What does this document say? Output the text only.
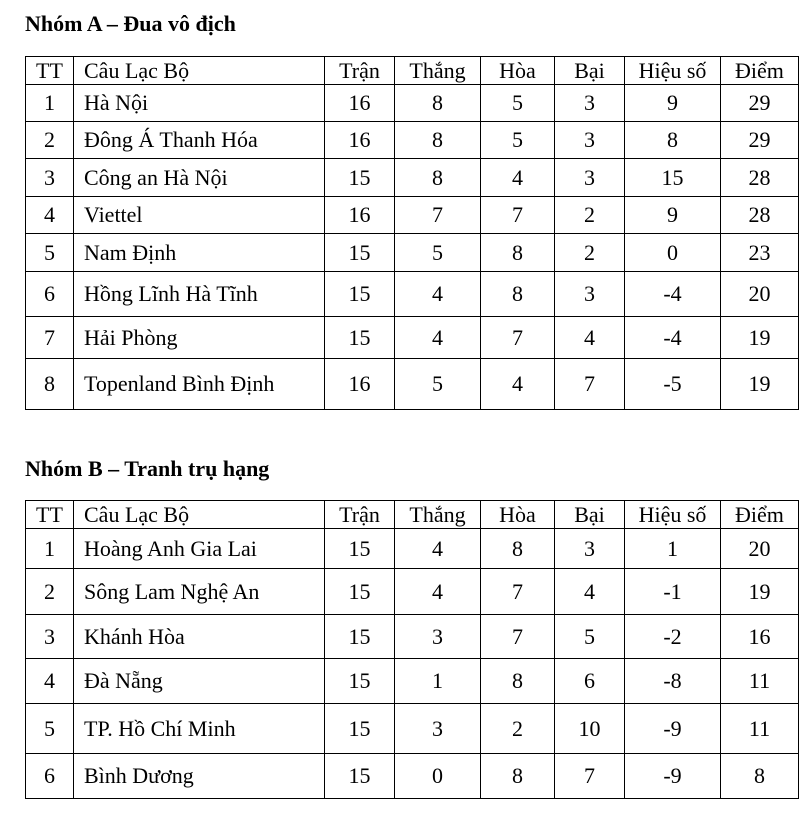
Nhóm A – Đua vô địch
TT	Câu Lạc Bộ	Trận	Thắng	Hòa	Bại	Hiệu số	Điểm
1	Hà Nội	16	8	5	3	9	29
2	Đông Á Thanh Hóa	16	8	5	3	8	29
3	Công an Hà Nội	15	8	4	3	15	28
4	Viettel	16	7	7	2	9	28
5	Nam Định	15	5	8	2	0	23
6	Hồng Lĩnh Hà Tĩnh	15	4	8	3	-4	20
7	Hải Phòng	15	4	7	4	-4	19
8	Topenland Bình Định	16	5	4	7	-5	19
Nhóm B – Tranh trụ hạng
TT	Câu Lạc Bộ	Trận	Thắng	Hòa	Bại	Hiệu số	Điểm
1	Hoàng Anh Gia Lai	15	4	8	3	1	20
2	Sông Lam Nghệ An	15	4	7	4	-1	19
3	Khánh Hòa	15	3	7	5	-2	16
4	Đà Nẵng	15	1	8	6	-8	11
5	TP. Hồ Chí Minh	15	3	2	10	-9	11
6	Bình Dương	15	0	8	7	-9	8
